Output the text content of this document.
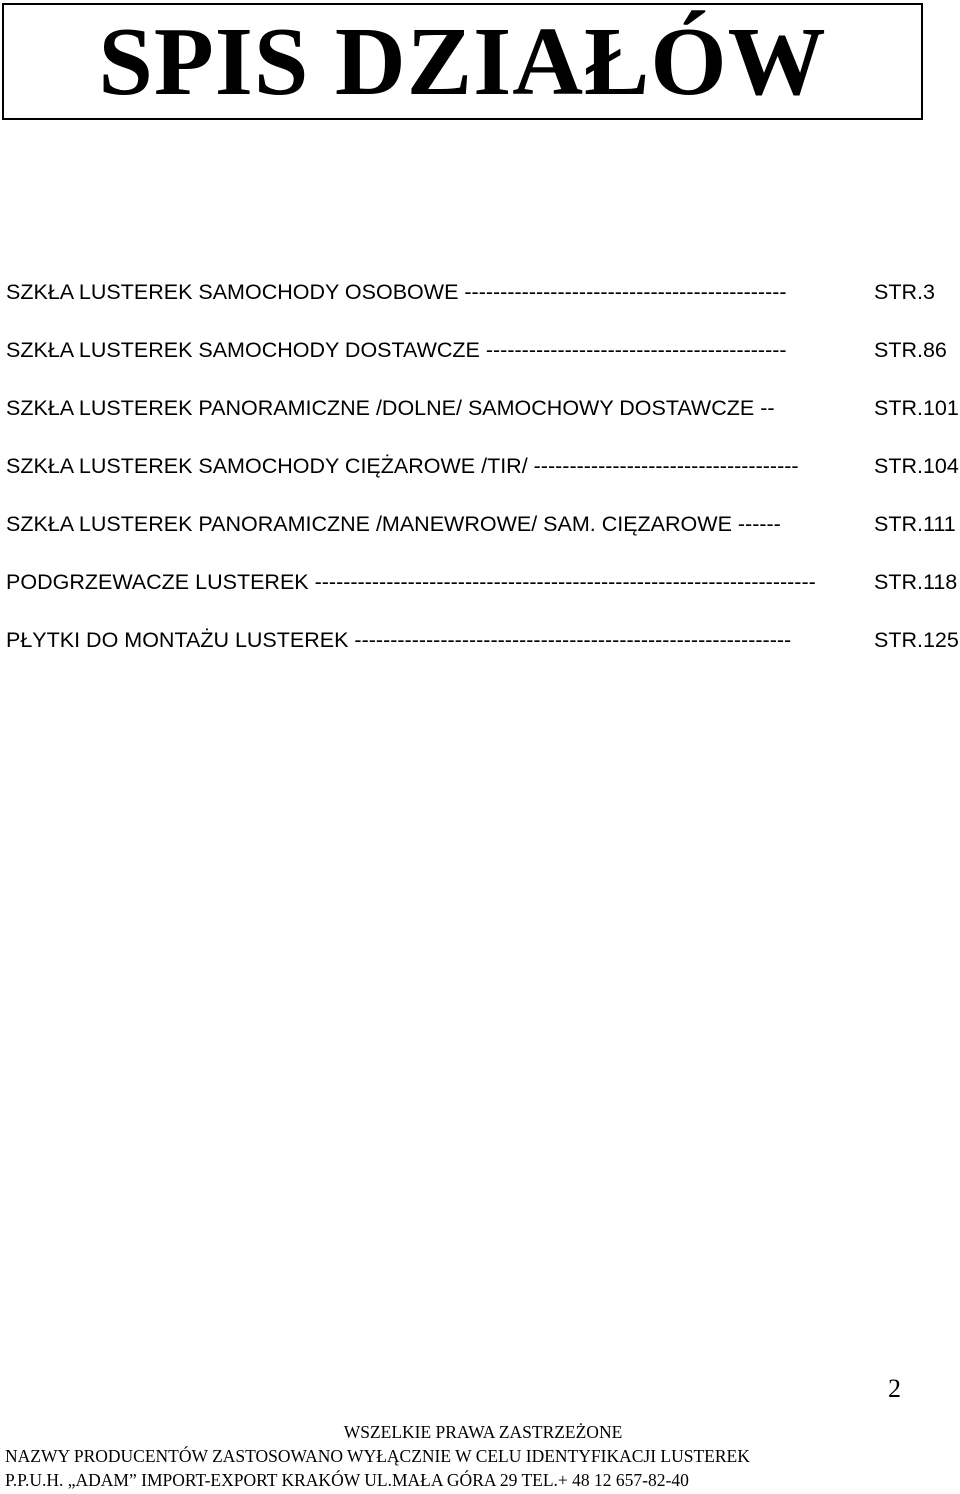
SPIS DZIAŁÓW
SZKŁA LUSTEREK SAMOCHODY OSOBOWE ---------------------------------------------	STR.3
SZKŁA LUSTEREK SAMOCHODY DOSTAWCZE ------------------------------------------	STR.86
SZKŁA LUSTEREK PANORAMICZNE /DOLNE/ SAMOCHOWY DOSTAWCZE --	STR.101
SZKŁA LUSTEREK SAMOCHODY CIĘŻAROWE /TIR/ -------------------------------------	STR.104
SZKŁA LUSTEREK PANORAMICZNE /MANEWROWE/ SAM. CIĘZAROWE ------	STR.111
PODGRZEWACZE LUSTEREK ----------------------------------------------------------------------	STR.118
PŁYTKI DO MONTAŻU LUSTEREK -------------------------------------------------------------	STR.125
2
WSZELKIE PRAWA ZASTRZEŻONE
NAZWY PRODUCENTÓW ZASTOSOWANO WYŁĄCZNIE W CELU IDENTYFIKACJI LUSTEREK
P.P.U.H. „ADAM” IMPORT-EXPORT KRAKÓW UL.MAŁA GÓRA 29 TEL.+ 48 12 657-82-40
